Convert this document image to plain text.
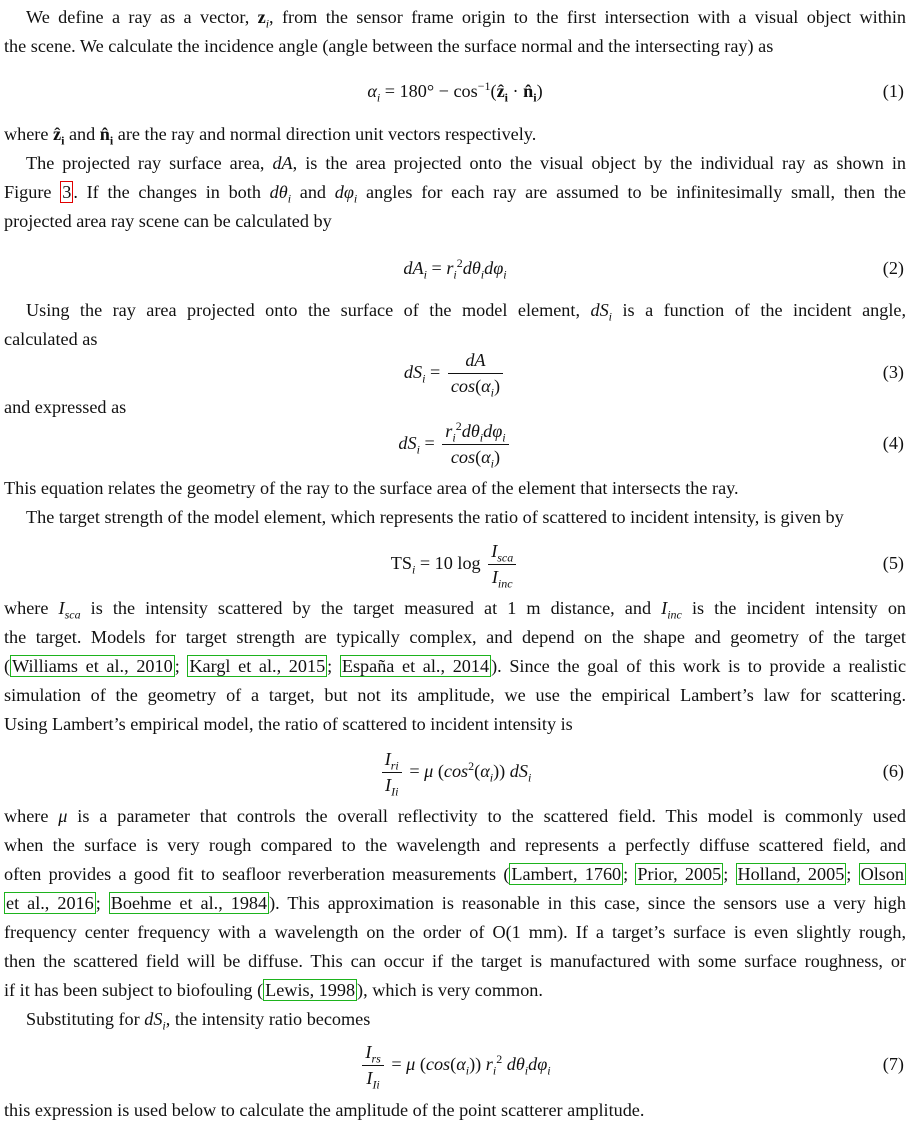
We define a ray as a vector, $z_i$, from the sensor frame origin to the first intersection with a visual object within
the scene. We calculate the incidence angle (angle between the surface normal and the intersecting ray) as
$\alpha_i = 180^\circ$ − $\cos^{-1}(ẑ_i$ · $n̂_i$)	(1)
where ẑ$_i$ and $n̂_i$ are the ray and normal direction unit vectors respectively.
The projected ray surface area, dA, is the area projected onto the visual object by the individual ray as shown in
Figure 3 . If the changes in both $d\theta_i$ and $d\varphi_i$ angles for each ray are assumed to be infinitesimally small, then the
projected area ray scene can be calculated by
$dA_i = r_i^2d\theta_id\varphi_i$	(2)
Using the ray area projected onto the surface of the model element, $dS_i$ is a function of the incident angle,
calculated as
$dS_i = \frac{dA}{\cos(\alpha_i)}$	(3)
and expressed as
$dS_i = \frac{r_i^2d\theta_id\varphi_i}{\cos(\alpha_i)}$	(4)
This equation relates the geometry of the ray to the surface area of the element that intersects the ray.
The target strength of the model element, which represents the ratio of scattered to incident intensity, is given by
$TS_i = 10$ $\log \frac{I_{sca}}{I_{inc}}$	(5)
where $I_{sca}$ is the intensity scattered by the target measured at 1 m distance, and $I_{inc}$ is the incident intensity on
the target. Models for target strength are typically complex, and depend on the shape and geometry of the target
( Williams et al., 2010 ; Kargl et al., 2015 ; España et al., 2014 ). Since the goal of this work is to provide a realistic
simulation of the geometry of a target, but not its amplitude, we use the empirical Lambert’s law for scattering.
Using Lambert’s empirical model, the ratio of scattered to incident intensity is
$\frac{I_{ri}}{I_{Ii}} = \mu$ $(\cos^2(\alpha_i))$ $dS_i$	(6)
where μ is a parameter that controls the overall reflectivity to the scattered field. This model is commonly used
when the surface is very rough compared to the wavelength and represents a perfectly diffuse scattered field, and
often provides a good fit to seafloor reverberation measurements ( Lambert, 1760 ; Prior, 2005 ; Holland, 2005 ; Olson
et al., 2016 ; Boehme et al., 1984 ). This approximation is reasonable in this case, since the sensors use a very high
frequency center frequency with a wavelength on the order of O(1 mm). If a target’s surface is even slightly rough,
then the scattered field will be diffuse. This can occur if the target is manufactured with some surface roughness, or
if it has been subject to biofouling ( Lewis, 1998 ), which is very common.
Substituting for $dS_i$, the intensity ratio becomes
$\frac{I_{rs}}{I_{Ii}} = \mu$ $(\cos(\alpha_i))$ $r_i^2$ $d\theta_id\varphi_i$	(7)
this expression is used below to calculate the amplitude of the point scatterer amplitude.
